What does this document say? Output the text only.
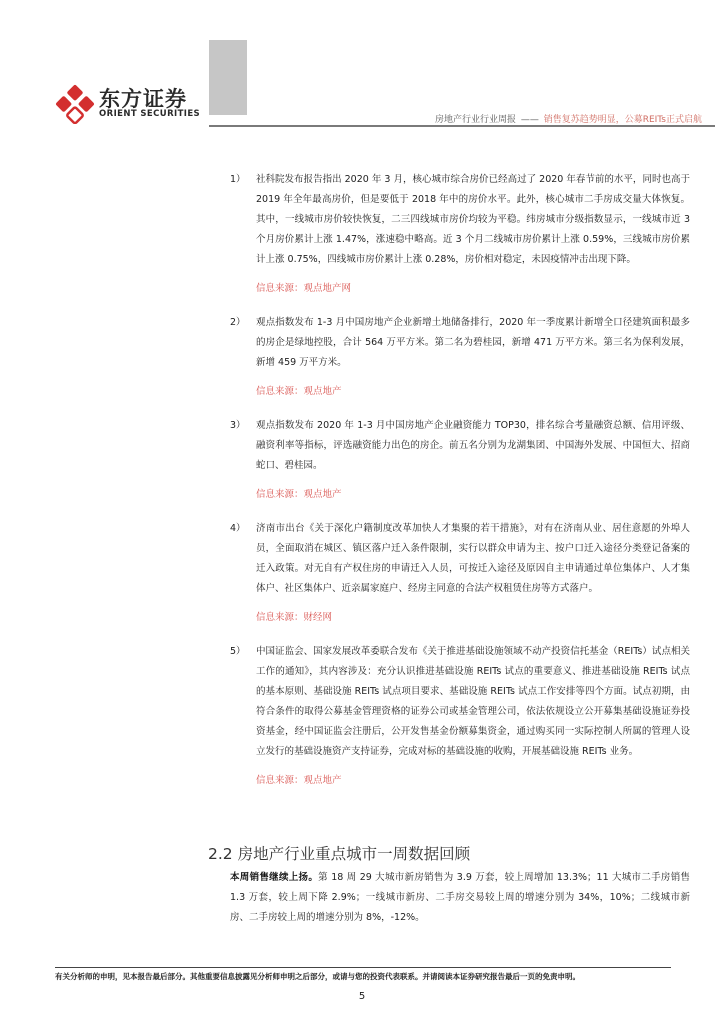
东方证券
ORIENT SECURITIES
房地产行业行业周报 —— 销售复苏趋势明显，公募REITs正式启航
1） 社科院发布报告指出 2020 年 3 月，核心城市综合房价已经高过了 2020 年春节前的水平，同时也高于 2019 年全年最高房价，但是要低于 2018 年中的房价水平。此外，核心城市二手房成交量大体恢复。其中，一线城市房价较快恢复，二三四线城市房价均较为平稳。纬房城市分级指数显示，一线城市近 3 个月房价累计上涨 1.47%，涨速稳中略高。近 3 个月二线城市房价累计上涨 0.59%，三线城市房价累计上涨 0.75%，四线城市房价累计上涨 0.28%，房价相对稳定，未因疫情冲击出现下降。

信息来源：观点地产网
2） 观点指数发布 1-3 月中国房地产企业新增土地储备排行，2020 年一季度累计新增全口径建筑面积最多的房企是绿地控股，合计 564 万平方米。第二名为碧桂园，新增 471 万平方米。第三名为保利发展，新增 459 万平方米。

信息来源：观点地产
3） 观点指数发布 2020 年 1-3 月中国房地产企业融资能力 TOP30，排名综合考量融资总额、信用评级、融资利率等指标，评选融资能力出色的房企。前五名分别为龙湖集团、中国海外发展、中国恒大、招商蛇口、碧桂园。

信息来源：观点地产
4） 济南市出台《关于深化户籍制度改革加快人才集聚的若干措施》，对有在济南从业、居住意愿的外埠人员，全面取消在城区、镇区落户迁入条件限制，实行以群众申请为主、按户口迁入途径分类登记备案的迁入政策。对无自有产权住房的申请迁入人员，可按迁入途径及原因自主申请通过单位集体户、人才集体户、社区集体户、近亲属家庭户、经房主同意的合法产权租赁住房等方式落户。

信息来源：财经网
5） 中国证监会、国家发展改革委联合发布《关于推进基础设施领域不动产投资信托基金（REITs）试点相关工作的通知》，其内容涉及：充分认识推进基础设施 REITs 试点的重要意义、推进基础设施 REITs 试点的基本原则、基础设施 REITs 试点项目要求、基础设施 REITs 试点工作安排等四个方面。试点初期，由符合条件的取得公募基金管理资格的证券公司或基金管理公司，依法依规设立公开募集基础设施证券投资基金，经中国证监会注册后，公开发售基金份额募集资金，通过购买同一实际控制人所属的管理人设立发行的基础设施资产支持证券，完成对标的基础设施的收购，开展基础设施 REITs 业务。

信息来源：观点地产
2.2 房地产行业重点城市一周数据回顾

本周销售继续上扬。第 18 周 29 大城市新房销售为 3.9 万套，较上周增加 13.3%；11 大城市二手房销售 1.3 万套，较上周下降 2.9%；一线城市新房、二手房交易较上周的增速分别为 34%，10%；二线城市新房、二手房较上周的增速分别为 8%，-12%。

有关分析师的申明，见本报告最后部分。其他重要信息披露见分析师申明之后部分，或请与您的投资代表联系。并请阅读本证券研究报告最后一页的免责申明。
5
